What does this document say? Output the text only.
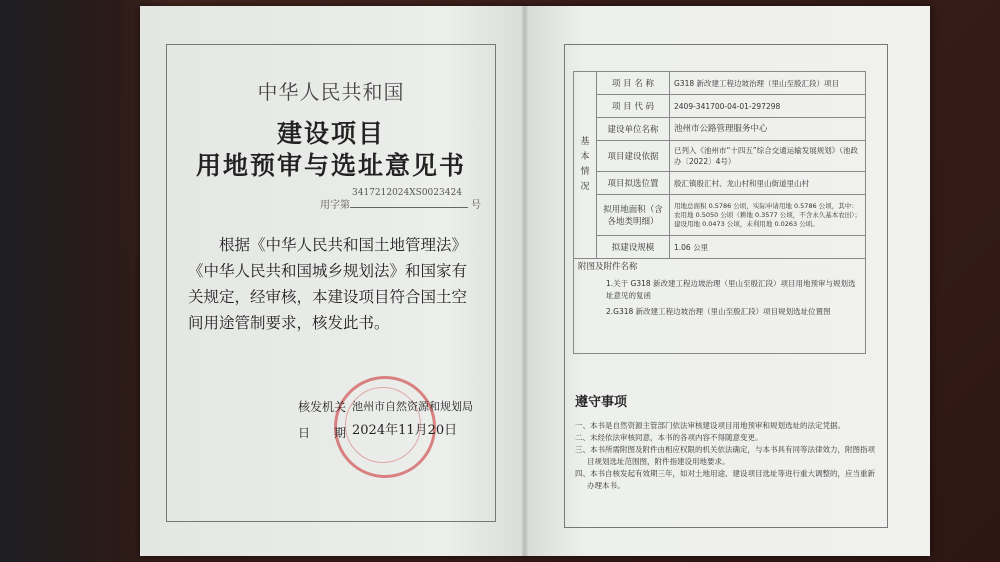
中华人民共和国
建设项目
用地预审与选址意见书
用字第
341721202​4XS0023424
号
根据《中华人民共和国土地管理法》《中华人民共和国城乡规划法》和国家有关规定，经审核，本建设项目符合国土空间用途管制要求，核发此书。
核发机关 池州市自然资源和规划局
日　　期 2024年11月20日
基本情况	项 目 名 称	G318 新改建工程边坡治理（里山至殷汇段）项目
	项 目 代 码	2409-341700-04-01-297298
	建设单位名称	池州市公路管理服务中心
	项目建设依据	已列入《池州市“十四五”综合交通运输发展规划》（池政办〔2022〕4号）
	项目拟选位置	殷汇镇殷汇村、龙山村和里山街道里山村
	拟用地面积（含各地类明细）	用地总面积 0.5786 公顷，实际申请用地 0.5786 公顷，其中：农用地 0.5050 公顷（耕地 0.3577 公顷，不含永久基本农田）；建设用地 0.0473 公顷，未利用地 0.0263 公顷。
	拟建设规模	1.06 公里

附图及附件名称
1.关于 G318 新改建工程边坡治理（里山至殷汇段）项目用地预审与规划选址意见的复函
2.G318 新改建工程边坡治理（里山至殷汇段）项目规划选址位置图		
遵守事项
一、本书是自然资源主管部门依法审核建设项目用地预审和规划选址的法定凭据。
二、未经依法审核同意，本书的各项内容不得随意变更。
三、本书所需附图及附件由相应权限的机关依法确定，与本书具有同等法律效力，附图指项目规划选址范围图，附件指建设用地要求。
四、本书自核发起有效期三年，如对土地用途、建设项目选址等进行重大调整的，应当重新办理本书。
